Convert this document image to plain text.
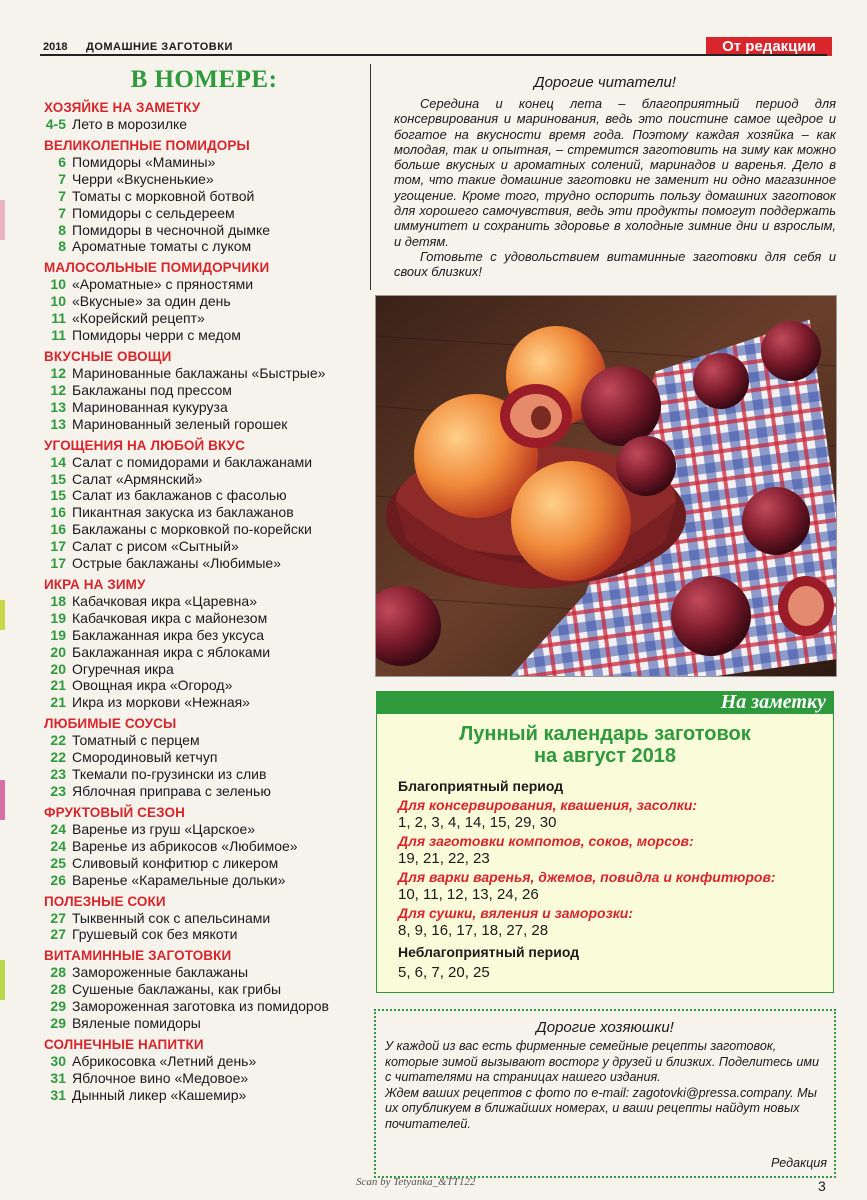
2018 ДОМАШНИЕ ЗАГОТОВКИ	От редакции
В НОМЕРЕ:
ХОЗЯЙКЕ НА ЗАМЕТКУ
4-5 Лето в морозилке
ВЕЛИКОЛЕПНЫЕ ПОМИДОРЫ
6 Помидоры «Мамины»
7 Черри «Вкусненькие»
7 Томаты с морковной ботвой
7 Помидоры с сельдереем
8 Помидоры в чесночной дымке
8 Ароматные томаты с луком
МАЛОСОЛЬНЫЕ ПОМИДОРЧИКИ
10 «Ароматные» с пряностями
10 «Вкусные» за один день
11 «Корейский рецепт»
11 Помидоры черри с медом
ВКУСНЫЕ ОВОЩИ
12 Маринованные баклажаны «Быстрые»
12 Баклажаны под прессом
13 Маринованная кукуруза
13 Маринованный зеленый горошек
УГОЩЕНИЯ НА ЛЮБОЙ ВКУС
14 Салат с помидорами и баклажанами
15 Салат «Армянский»
15 Салат из баклажанов с фасолью
16 Пикантная закуска из баклажанов
16 Баклажаны с морковкой по-корейски
17 Салат с рисом «Сытный»
17 Острые баклажаны «Любимые»
ИКРА НА ЗИМУ
18 Кабачковая икра «Царевна»
19 Кабачковая икра с майонезом
19 Баклажанная икра без уксуса
20 Баклажанная икра с яблоками
20 Огуречная икра
21 Овощная икра «Огород»
21 Икра из моркови «Нежная»
ЛЮБИМЫЕ СОУСЫ
22 Томатный с перцем
22 Смородиновый кетчуп
23 Ткемали по-грузински из слив
23 Яблочная приправа с зеленью
ФРУКТОВЫЙ СЕЗОН
24 Варенье из груш «Царское»
24 Варенье из абрикосов «Любимое»
25 Сливовый конфитюр с ликером
26 Варенье «Карамельные дольки»
ПОЛЕЗНЫЕ СОКИ
27 Тыквенный сок с апельсинами
27 Грушевый сок без мякоти
ВИТАМИННЫЕ ЗАГОТОВКИ
28 Замороженные баклажаны
28 Сушеные баклажаны, как грибы
29 Замороженная заготовка из помидоров
29 Вяленые помидоры
СОЛНЕЧНЫЕ НАПИТКИ
30 Абрикосовка «Летний день»
31 Яблочное вино «Медовое»
31 Дынный ликер «Кашемир»
Дорогие читатели!

Середина и конец лета – благоприятный период для консервирования и маринования, ведь это поистине самое щедрое и богатое на вкусности время года. Поэтому каждая хозяйка – как молодая, так и опытная, – стремится заготовить на зиму как можно больше вкусных и ароматных солений, маринадов и варенья. Дело в том, что такие домашние заготовки не заменит ни одно магазинное угощение. Кроме того, трудно оспорить пользу домашних заготовок для хорошего самочувствия, ведь эти продукты помогут поддержать иммунитет и сохранить здоровье в холодные зимние дни и взрослым, и детям.

Готовьте с удовольствием витаминные заготовки для себя и своих близких!

На заметку
Лунный календарь заготовок
на август 2018
Благоприятный период
Для консервирования, квашения, засолки:
1, 2, 3, 4, 14, 15, 29, 30
Для заготовки компотов, соков, морсов:
19, 21, 22, 23
Для варки варенья, джемов, повидла и конфитюров:
10, 11, 12, 13, 24, 26
Для сушки, вяления и заморозки:
8, 9, 16, 17, 18, 27, 28
Неблагоприятный период
5, 6, 7, 20, 25
Дорогие хозяюшки!
У каждой из вас есть фирменные семейные рецепты заготовок, которые зимой вызывают восторг у друзей и близких. Поделитесь ими с читателями на страницах нашего издания.
Ждем ваших рецептов с фото по e-mail: zagotovki@pressa.company. Мы их опубликуем в ближайших номерах, и ваши рецепты найдут новых почитателей.
Редакция
Scan by Tetyanka_&TT122	3
